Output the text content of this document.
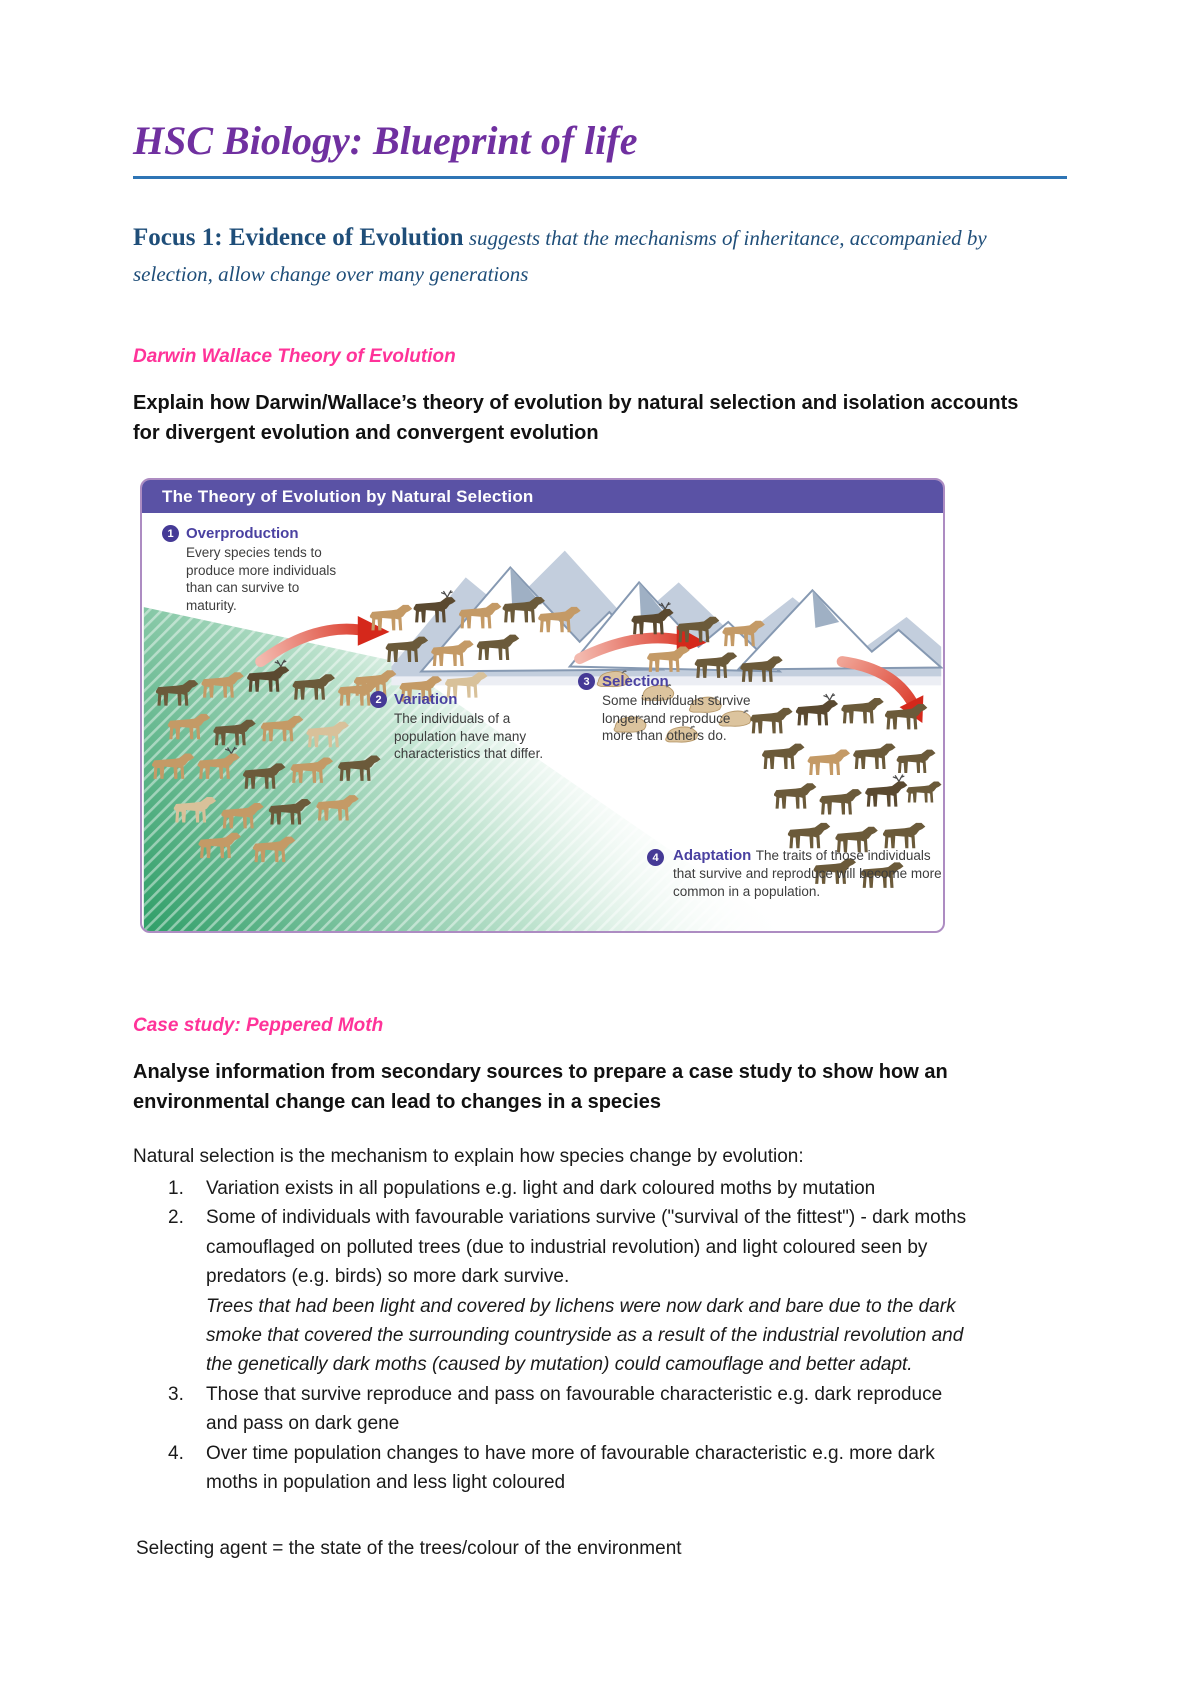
HSC Biology: Blueprint of life

Focus 1: Evidence of Evolution suggests that the mechanisms of inheritance, accompanied by selection, allow change over many generations

Darwin Wallace Theory of Evolution
Explain how Darwin/Wallace’s theory of evolution by natural selection and isolation accounts for divergent evolution and convergent evolution
The Theory of Evolution by Natural Selection
1 Overproduction
Every species tends to produce more individuals than can survive to maturity.
2 Variation
The individuals of a population have many characteristics that differ.
3 Selection
Some individuals survive longer and reproduce more than others do.
4 Adaptation The traits of those individuals that survive and reproduce will become more common in a population.
Case study: Peppered Moth
Analyse information from secondary sources to prepare a case study to show how an environmental change can lead to changes in a species
Natural selection is the mechanism to explain how species change by evolution:
1.	Variation exists in all populations e.g. light and dark coloured moths by mutation
2.	Some of individuals with favourable variations survive ("survival of the fittest") - dark moths camouflaged on polluted trees (due to industrial revolution) and light coloured seen by predators (e.g. birds) so more dark survive.
Trees that had been light and covered by lichens were now dark and bare due to the dark smoke that covered the surrounding countryside as a result of the industrial revolution and the genetically dark moths (caused by mutation) could camouflage and better adapt.
3.	Those that survive reproduce and pass on favourable characteristic e.g. dark reproduce and pass on dark gene
4.	Over time population changes to have more of favourable characteristic e.g. more dark moths in population and less light coloured
Selecting agent = the state of the trees/colour of the environment
